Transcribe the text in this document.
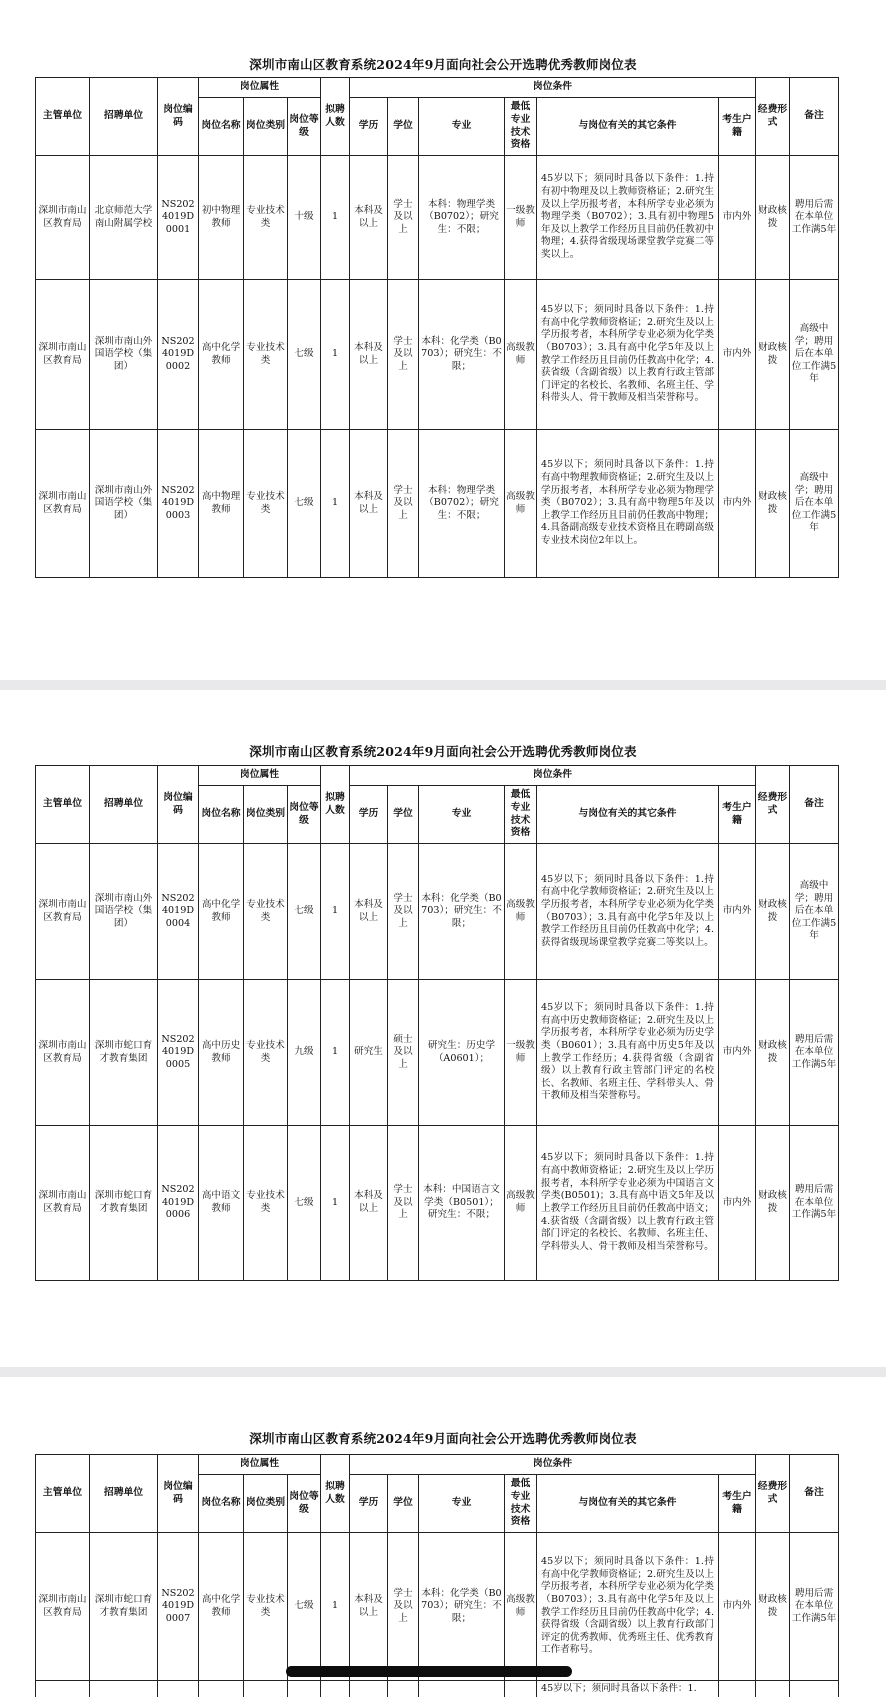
深圳市南山区教育系统2024年9月面向社会公开选聘优秀教师岗位表
主管单位	招聘单位	岗位编码	岗位属性			拟聘人数	岗位条件						经费形式	备注
			岗位名称	岗位类别	岗位等级		学历	学位	专业	最低专业技术资格	与岗位有关的其它条件	考生户籍		
深圳市南山区教育局	北京师范大学南山附属学校	NS2024019D0001	初中物理教师	专业技术类	十级	1	本科及以上	学士及以上	本科：物理学类（B0702）；研究生：不限；	一级教师	45岁以下；须同时具备以下条件：1.持有初中物理及以上教师资格证；2.研究生及以上学历报考者，本科所学专业必须为物理学类（B0702）；3.具有初中物理5年及以上教学工作经历且目前仍任教初中物理；4.获得省级现场课堂教学竞赛二等奖以上。	市内外	财政核拨	聘用后需在本单位工作满5年
深圳市南山区教育局	深圳市南山外国语学校（集团）	NS2024019D0002	高中化学教师	专业技术类	七级	1	本科及以上	学士及以上	本科：化学类（B0703）；研究生：不限；	高级教师	45岁以下；须同时具备以下条件：1.持有高中化学教师资格证；2.研究生及以上学历报考者，本科所学专业必须为化学类（B0703）；3.具有高中化学5年及以上教学工作经历且目前仍任教高中化学；4.获省级（含副省级）以上教育行政主管部门评定的名校长、名教师、名班主任、学科带头人、骨干教师及相当荣誉称号。	市内外	财政核拨	高级中学；聘用后在本单位工作满5年
深圳市南山区教育局	深圳市南山外国语学校（集团）	NS2024019D0003	高中物理教师	专业技术类	七级	1	本科及以上	学士及以上	本科：物理学类（B0702）；研究生：不限；	高级教师	45岁以下；须同时具备以下条件：1.持有高中物理教师资格证；2.研究生及以上学历报考者，本科所学专业必须为物理学类（B0702）；3.具有高中物理5年及以上教学工作经历且目前仍任教高中物理；4.具备副高级专业技术资格且在聘副高级专业技术岗位2年以上。	市内外	财政核拨	高级中学；聘用后在本单位工作满5年
深圳市南山区教育系统2024年9月面向社会公开选聘优秀教师岗位表
主管单位	招聘单位	岗位编码	岗位属性			拟聘人数	岗位条件						经费形式	备注
			岗位名称	岗位类别	岗位等级		学历	学位	专业	最低专业技术资格	与岗位有关的其它条件	考生户籍		
深圳市南山区教育局	深圳市南山外国语学校（集团）	NS2024019D0004	高中化学教师	专业技术类	七级	1	本科及以上	学士及以上	本科：化学类（B0703）；研究生：不限；	高级教师	45岁以下；须同时具备以下条件：1.持有高中化学教师资格证；2.研究生及以上学历报考者，本科所学专业必须为化学类（B0703）；3.具有高中化学5年及以上教学工作经历且目前仍任教高中化学；4.获得省级现场课堂教学竞赛二等奖以上。	市内外	财政核拨	高级中学；聘用后在本单位工作满5年
深圳市南山区教育局	深圳市蛇口育才教育集团	NS2024019D0005	高中历史教师	专业技术类	九级	1	研究生	硕士及以上	研究生：历史学（A0601）；	一级教师	45岁以下；须同时具备以下条件：1.持有高中历史教师资格证；2.研究生及以上学历报考者，本科所学专业必须为历史学类（B0601）；3.具有高中历史5年及以上教学工作经历；4.获得省级（含副省级）以上教育行政主管部门评定的名校长、名教师、名班主任、学科带头人、骨干教师及相当荣誉称号。	市内外	财政核拨	聘用后需在本单位工作满5年
深圳市南山区教育局	深圳市蛇口育才教育集团	NS2024019D0006	高中语文教师	专业技术类	七级	1	本科及以上	学士及以上	本科：中国语言文学类（B0501）；研究生：不限；	高级教师	45岁以下；须同时具备以下条件：1.持有高中教师资格证；2.研究生及以上学历报考者，本科所学专业必须为中国语言文学类(B0501)；3.具有高中语文5年及以上教学工作经历且目前仍任教高中语文；4.获省级（含副省级）以上教育行政主管部门评定的名校长、名教师、名班主任、学科带头人、骨干教师及相当荣誉称号。	市内外	财政核拨	聘用后需在本单位工作满5年
深圳市南山区教育系统2024年9月面向社会公开选聘优秀教师岗位表
主管单位	招聘单位	岗位编码	岗位属性			拟聘人数	岗位条件						经费形式	备注
			岗位名称	岗位类别	岗位等级		学历	学位	专业	最低专业技术资格	与岗位有关的其它条件	考生户籍		
深圳市南山区教育局	深圳市蛇口育才教育集团	NS2024019D0007	高中化学教师	专业技术类	七级	1	本科及以上	学士及以上	本科：化学类（B0703）；研究生：不限；	高级教师	45岁以下；须同时具备以下条件：1.持有高中化学教师资格证；2.研究生及以上学历报考者，本科所学专业必须为化学类（B0703）；3.具有高中化学5年及以上教学工作经历且目前仍任教高中化学；4.获得省级（含副省级）以上教育行政部门评定的优秀教师、优秀班主任、优秀教育工作者称号。	市内外	财政核拨	聘用后需在本单位工作满5年
											45岁以下；须同时具备以下条件：1.			
